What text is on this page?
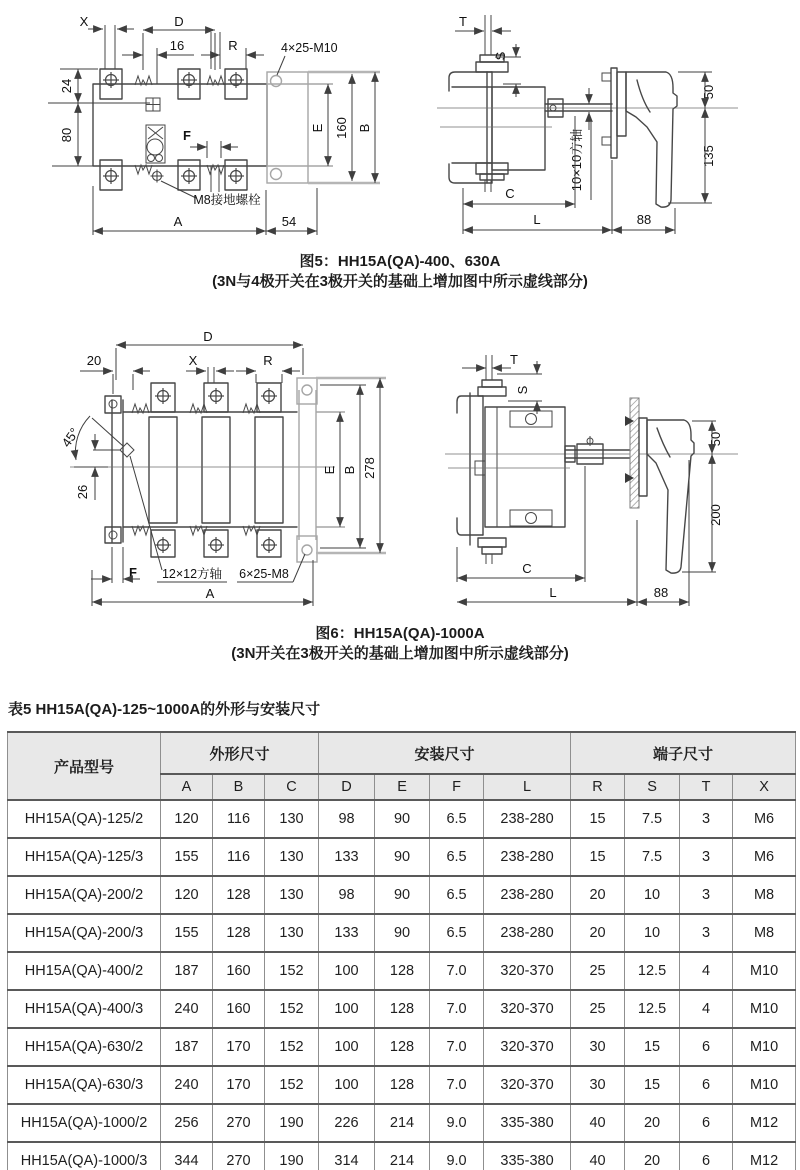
X	D
16	R	4×25-M10
24
80	E 160 B
F
M8接地螺栓
A	54
T
S
10×10方轴
50
135
C
L	88
图5：HH15A(QA)-400、630A
(3N与4极开关在3极开关的基础上增加图中所示虚线部分)
D
20	X	R
45°
26
E B 278
F 12×12方轴 6×25-M8
A
T
S
50
200
C
L	88
图6：HH15A(QA)-1000A
(3N开关在3极开关的基础上增加图中所示虚线部分)
表5 HH15A(QA)-125~1000A的外形与安装尺寸
产品型号	外形尺寸			安装尺寸				端子尺寸			
	A	B	C	D	E	F	L	R	S	T	X
HH15A(QA)-125/2	120	116	130	98	90	6.5	238-280	15	7.5	3	M6
HH15A(QA)-125/3	155	116	130	133	90	6.5	238-280	15	7.5	3	M6
HH15A(QA)-200/2	120	128	130	98	90	6.5	238-280	20	10	3	M8
HH15A(QA)-200/3	155	128	130	133	90	6.5	238-280	20	10	3	M8
HH15A(QA)-400/2	187	160	152	100	128	7.0	320-370	25	12.5	4	M10
HH15A(QA)-400/3	240	160	152	100	128	7.0	320-370	25	12.5	4	M10
HH15A(QA)-630/2	187	170	152	100	128	7.0	320-370	30	15	6	M10
HH15A(QA)-630/3	240	170	152	100	128	7.0	320-370	30	15	6	M10
HH15A(QA)-1000/2	256	270	190	226	214	9.0	335-380	40	20	6	M12
HH15A(QA)-1000/3	344	270	190	314	214	9.0	335-380	40	20	6	M12
